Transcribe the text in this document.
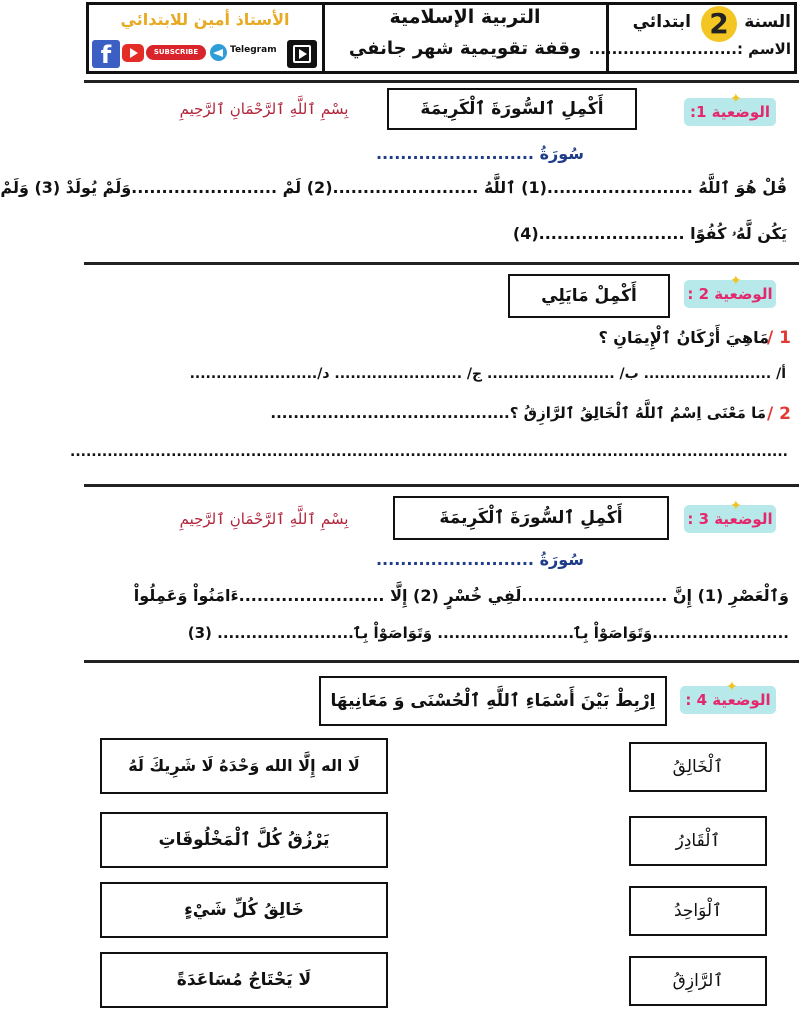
السنة
2
ابتدائي
الاسم :..........................
التربية الإسلامية
وقفة تقويمية شهر جانفي
الأستاذ أمين للابتدائي
f	SUBSCRIBE	Telegram
الوضعية 1:
✦
أَكْمِلِ ٱلسُّورَةَ ٱلْكَرِيمَةَ
بِسْمِ ٱللَّهِ ٱلرَّحْمَانِ ٱلرَّحِيمِ
سُورَةُ ..........................
قُلْ هُوَ ٱللَّهُ ........................(1) ٱللَّهُ ........................(2) لَمْ ........................وَلَمْ يُولَدْ (3) وَلَمْ
يَكُن لَّهُۥ كُفُوًا ........................(4)
الوضعية 2 :
✦
أَكْمِلْ مَايَلِي
1 /
مَاهِيَ أَرْكَانُ ٱلْإِيمَانِ ؟
أ/ ........................ ب/ ........................ ج/ ........................ د/........................
2 /
مَا مَعْنَى اِسْمُ ٱللَّهُ ٱلْخَالِقُ ٱلرَّازِقُ ؟..........................................
.......................................................................................................................................
الوضعية 3 :
✦
أَكْمِلِ ٱلسُّورَةَ ٱلْكَرِيمَةَ
بِسْمِ ٱللَّهِ ٱلرَّحْمَانِ ٱلرَّحِيمِ
سُورَةُ ..........................
وَٱلْعَصْرِ (1) إِنَّ ........................لَفِي خُسْرٍ (2) إِلَّا ........................ءَامَنُواْ وَعَمِلُواْ
........................وَتَوَاصَوْاْ بِٱ........................ وَتَوَاصَوْاْ بِٱ........................ (3)
الوضعية 4 :
✦
اِرْبِطْ بَيْنَ أَسْمَاءِ ٱللَّهِ ٱلْحُسْنَى وَ مَعَانِيهَا
ٱلْخَالِقُ
ٱلْقَادِرُ
ٱلْوَاحِدُ
ٱلرَّازِقُ
لَا اله إِلَّا الله وَحْدَهُ لَا شَرِيكَ لَهُ
يَرْزُقُ كُلَّ ٱلْمَخْلُوقَاتِ
خَالِقُ كُلِّ شَيْءٍ
لَا يَحْتَاجُ مُسَاعَدَةً
